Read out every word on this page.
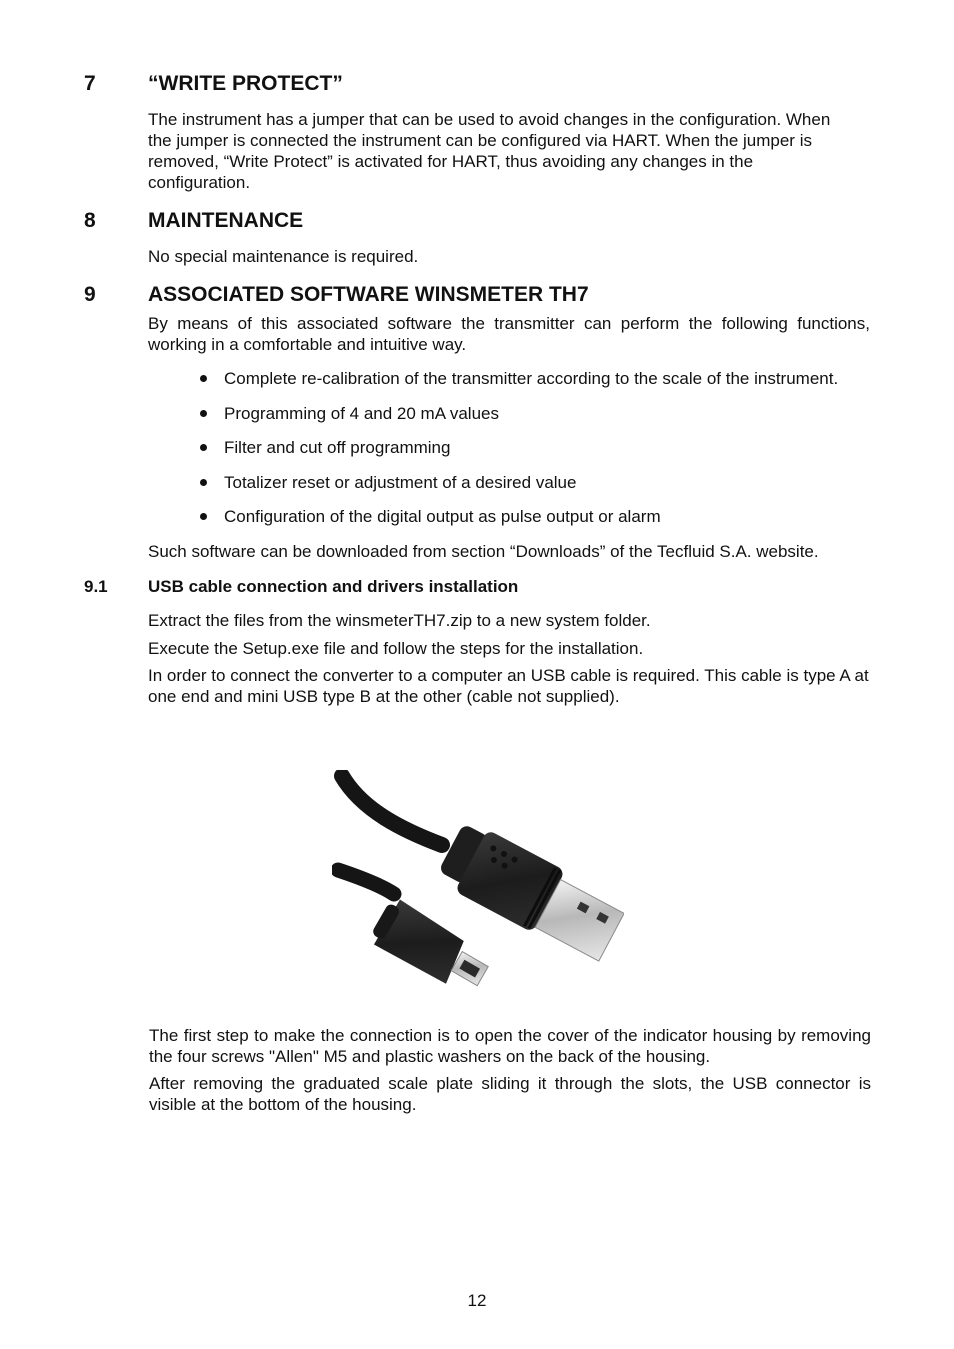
7 “WRITE PROTECT”
The instrument has a jumper that can be used to avoid changes in the configuration. When the jumper is connected the instrument can be configured via HART. When the jumper is removed, “Write Protect” is activated for HART, thus avoiding any changes in the configuration.
8 MAINTENANCE
No special maintenance is required.
9 ASSOCIATED SOFTWARE WINSMETER TH7
By means of this associated software the transmitter can perform the following functions, working in a comfortable and intuitive way.
Complete re-calibration of the transmitter according to the scale of the instrument.
Programming of 4 and 20 mA values
Filter and cut off programming
Totalizer reset or adjustment of a desired value
Configuration of the digital output as pulse output or alarm
Such software can be downloaded from section “Downloads” of the Tecfluid S.A. website.
9.1 USB cable connection and drivers installation
Extract the files from the winsmeterTH7.zip to a new system folder.
Execute the Setup.exe file and follow the steps for the installation.
In order to connect the converter to a computer an USB cable is required. This cable is type A at one end and mini USB type B at the other (cable not supplied).
The first step to make the connection is to open the cover of the indicator housing by removing the four screws "Allen" M5 and plastic washers on the back of the housing.
After removing the graduated scale plate sliding it through the slots, the USB connector is visible at the bottom of the housing.
12
